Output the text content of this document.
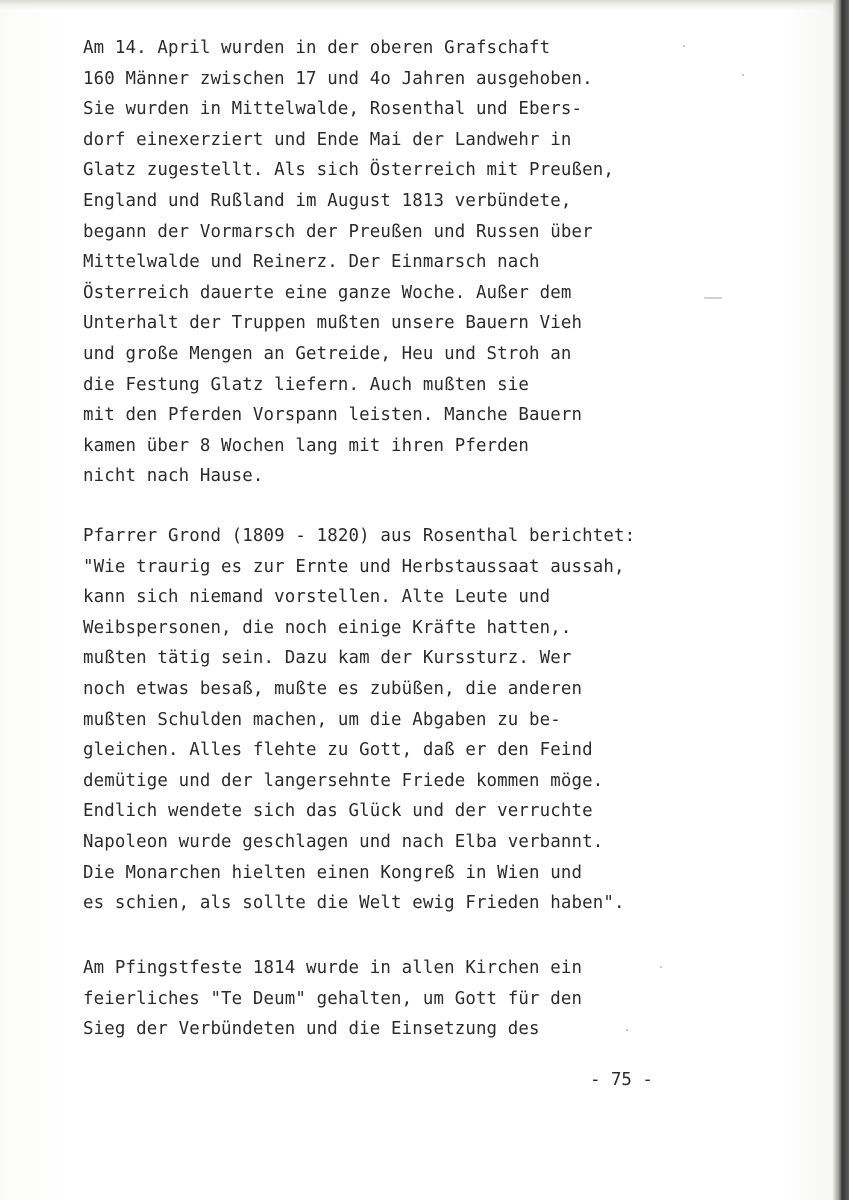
Am 14. April wurden in der oberen Grafschaft
160 Männer zwischen 17 und 4o Jahren ausgehoben.
Sie wurden in Mittelwalde, Rosenthal und Ebers-
dorf einexerziert und Ende Mai der Landwehr in
Glatz zugestellt. Als sich Österreich mit Preußen,
England und Rußland im August 1813 verbündete,
begann der Vormarsch der Preußen und Russen über
Mittelwalde und Reinerz. Der Einmarsch nach
Österreich dauerte eine ganze Woche. Außer dem
Unterhalt der Truppen mußten unsere Bauern Vieh
und große Mengen an Getreide, Heu und Stroh an
die Festung Glatz liefern. Auch mußten sie
mit den Pferden Vorspann leisten. Manche Bauern
kamen über 8 Wochen lang mit ihren Pferden
nicht nach Hause.
Pfarrer Grond (1809 - 1820) aus Rosenthal berichtet:
"Wie traurig es zur Ernte und Herbstaussaat aussah,
kann sich niemand vorstellen. Alte Leute und
Weibspersonen, die noch einige Kräfte hatten,.
mußten tätig sein. Dazu kam der Kurssturz. Wer
noch etwas besaß, mußte es zubüßen, die anderen
mußten Schulden machen, um die Abgaben zu be-
gleichen. Alles flehte zu Gott, daß er den Feind
demütige und der langersehnte Friede kommen möge.
Endlich wendete sich das Glück und der verruchte
Napoleon wurde geschlagen und nach Elba verbannt.
Die Monarchen hielten einen Kongreß in Wien und
es schien, als sollte die Welt ewig Frieden haben".
Am Pfingstfeste 1814 wurde in allen Kirchen ein
feierliches "Te Deum" gehalten, um Gott für den
Sieg der Verbündeten und die Einsetzung des
- 75 -
